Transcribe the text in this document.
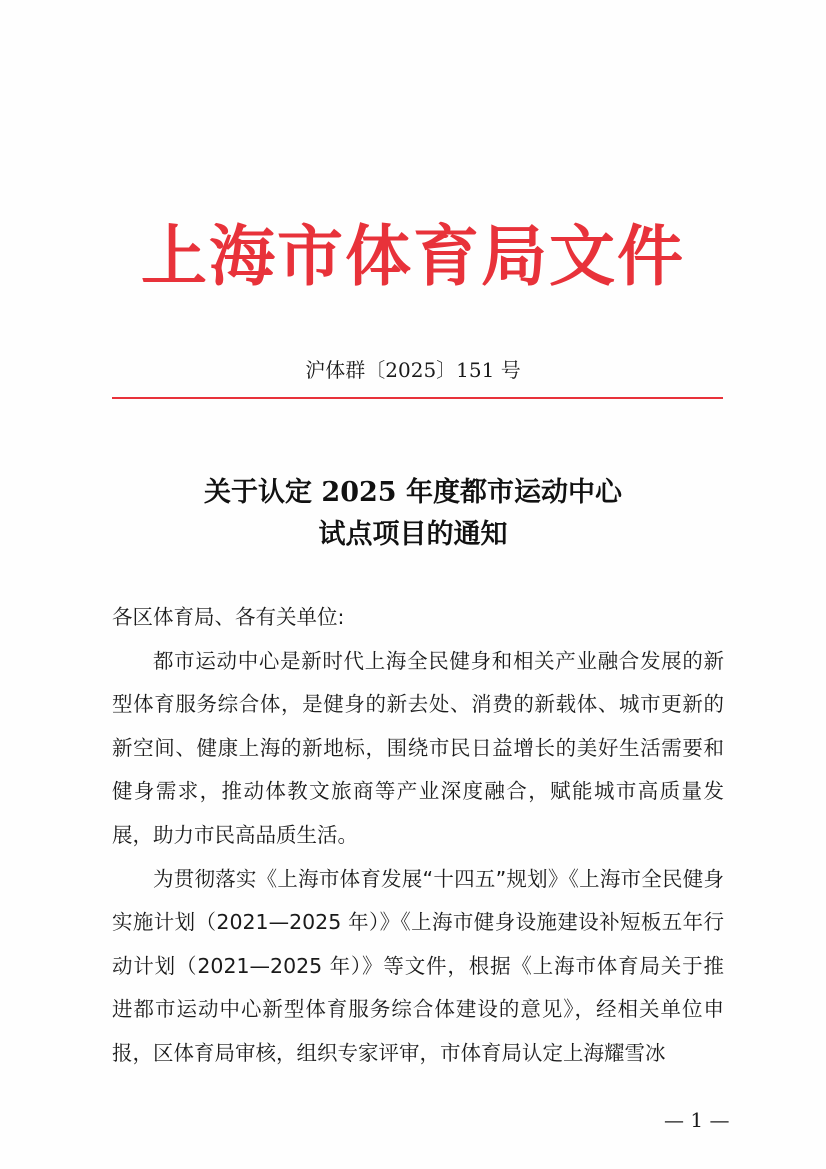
上海市体育局文件
沪体群〔2025〕151 号
关于认定 2025 年度都市运动中心
试点项目的通知

各区体育局、各有关单位:

都市运动中心是新时代上海全民健身和相关产业融合发展的新型体育服务综合体，是健身的新去处、消费的新载体、城市更新的新空间、健康上海的新地标，围绕市民日益增长的美好生活需要和健身需求，推动体教文旅商等产业深度融合，赋能城市高质量发展，助力市民高品质生活。

为贯彻落实《上海市体育发展“十四五”规划》《上海市全民健身实施计划（2021—2025 年）》《上海市健身设施建设补短板五年行动计划（2021—2025 年）》等文件，根据《上海市体育局关于推进都市运动中心新型体育服务综合体建设的意见》，经相关单位申报，区体育局审核，组织专家评审，市体育局认定上海耀雪冰

— 1 —
